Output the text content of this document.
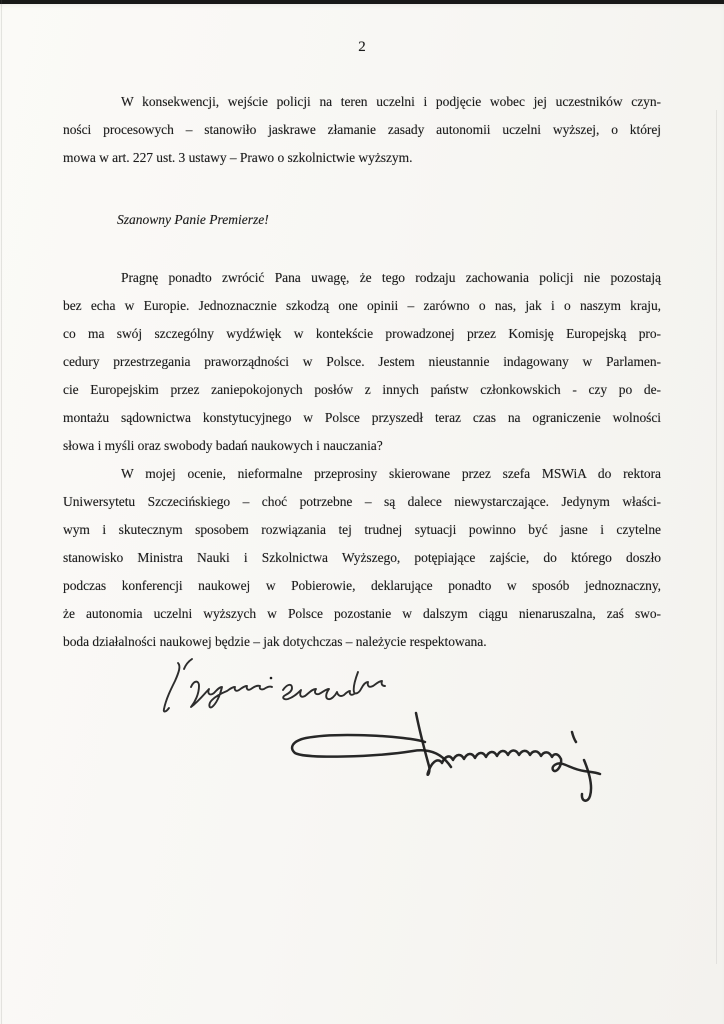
2
W konsekwencji, wejście policji na teren uczelni i podjęcie wobec jej uczestników czyn-
ności procesowych – stanowiło jaskrawe złamanie zasady autonomii uczelni wyższej, o której
mowa w art. 227 ust. 3 ustawy – Prawo o szkolnictwie wyższym.
Szanowny Panie Premierze!
Pragnę ponadto zwrócić Pana uwagę, że tego rodzaju zachowania policji nie pozostają
bez echa w Europie. Jednoznacznie szkodzą one opinii – zarówno o nas, jak i o naszym kraju,
co ma swój szczególny wydźwięk w kontekście prowadzonej przez Komisję Europejską pro-
cedury przestrzegania praworządności w Polsce. Jestem nieustannie indagowany w Parlamen-
cie Europejskim przez zaniepokojonych posłów z innych państw członkowskich - czy po de-
montażu sądownictwa konstytucyjnego w Polsce przyszedł teraz czas na ograniczenie wolności
słowa i myśli oraz swobody badań naukowych i nauczania?
W mojej ocenie, nieformalne przeprosiny skierowane przez szefa MSWiA do rektora
Uniwersytetu Szczecińskiego – choć potrzebne – są dalece niewystarczające. Jedynym właści-
wym i skutecznym sposobem rozwiązania tej trudnej sytuacji powinno być jasne i czytelne
stanowisko Ministra Nauki i Szkolnictwa Wyższego, potępiające zajście, do którego doszło
podczas konferencji naukowej w Pobierowie, deklarujące ponadto w sposób jednoznaczny,
że autonomia uczelni wyższych w Polsce pozostanie w dalszym ciągu nienaruszalna, zaś swo-
boda działalności naukowej będzie – jak dotychczas – należycie respektowana.
